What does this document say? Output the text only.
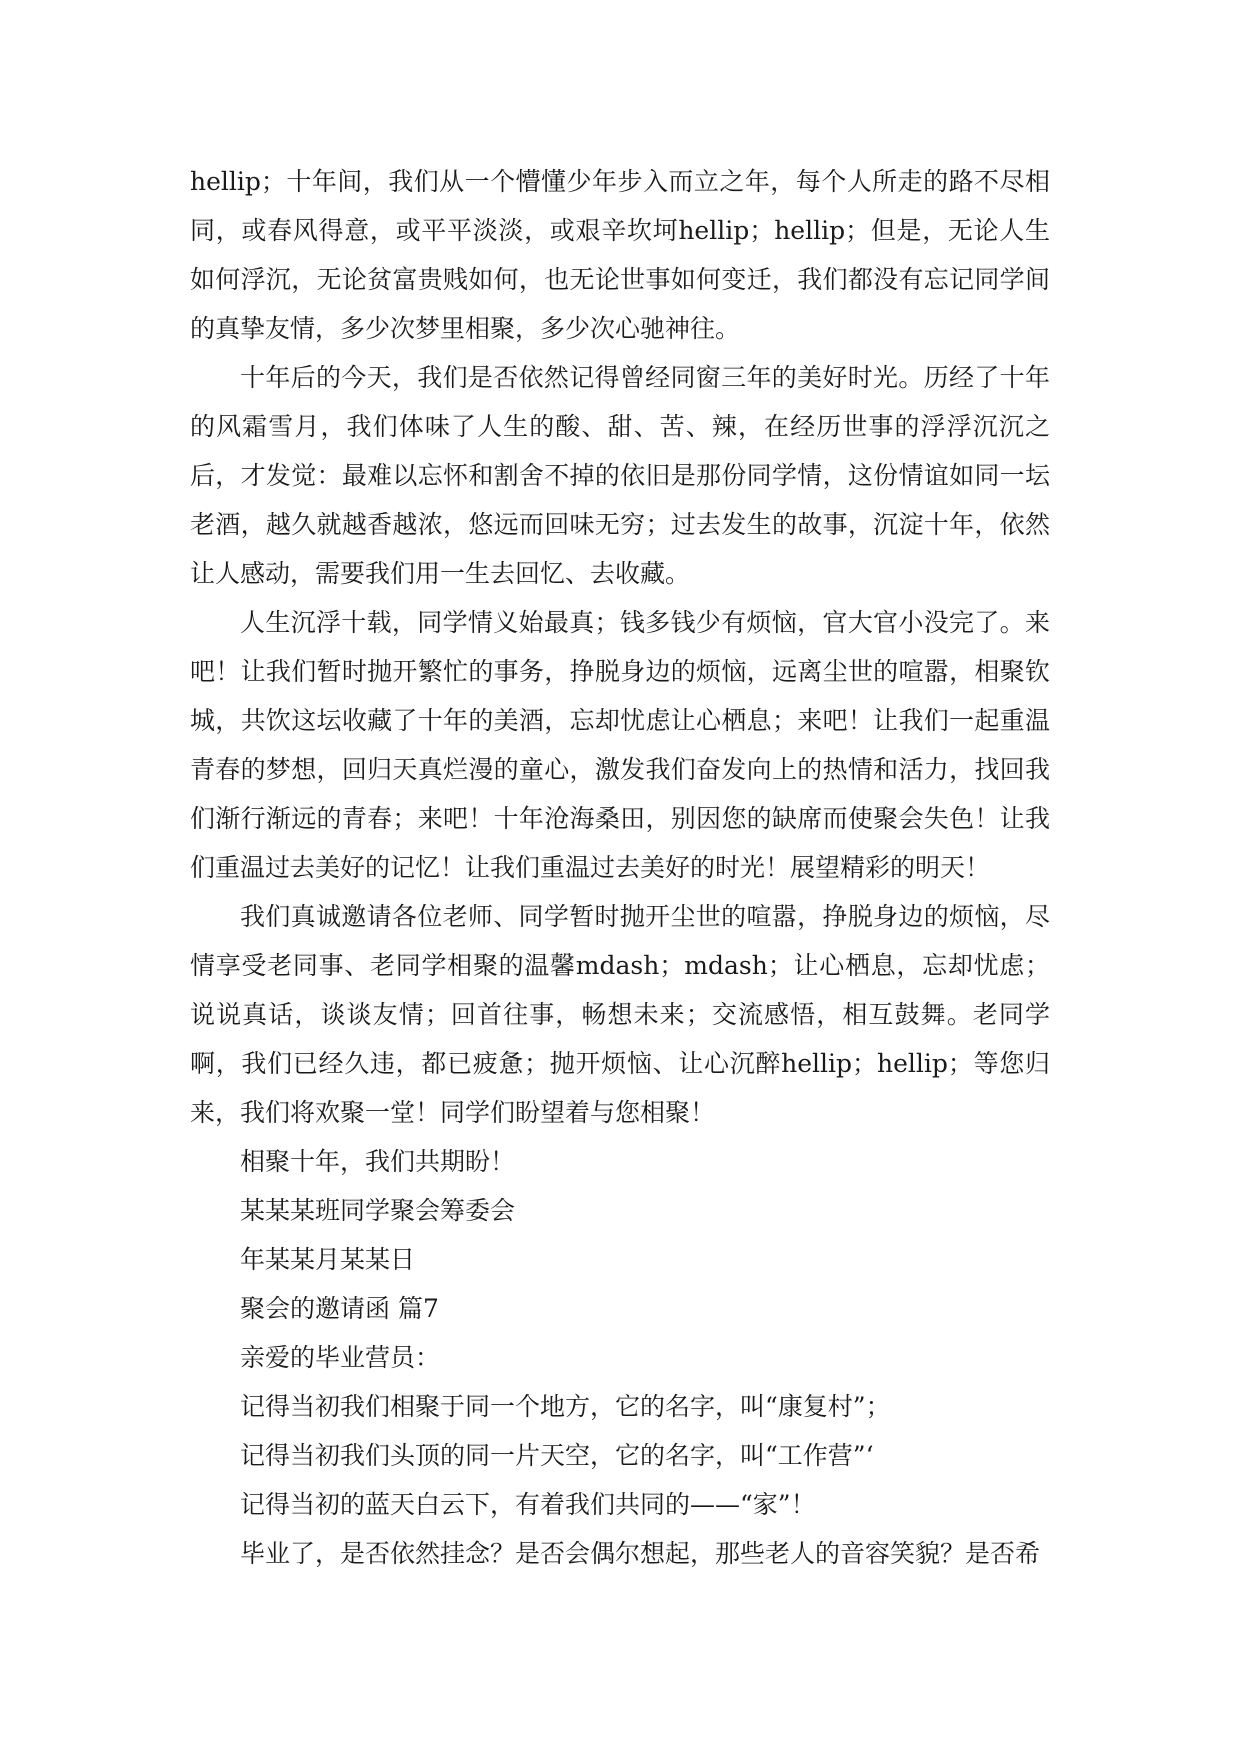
hellip；十年间，我们从一个懵懂少年步入而立之年，每个人所走的路不尽相同，或春风得意，或平平淡淡，或艰辛坎坷hellip；hellip；但是，无论人生如何浮沉，无论贫富贵贱如何，也无论世事如何变迁，我们都没有忘记同学间的真挚友情，多少次梦里相聚，多少次心驰神往。

十年后的今天，我们是否依然记得曾经同窗三年的美好时光。历经了十年的风霜雪月，我们体味了人生的酸、甜、苦、辣，在经历世事的浮浮沉沉之后，才发觉：最难以忘怀和割舍不掉的依旧是那份同学情，这份情谊如同一坛老酒，越久就越香越浓，悠远而回味无穷；过去发生的故事，沉淀十年，依然让人感动，需要我们用一生去回忆、去收藏。

人生沉浮十载，同学情义始最真；钱多钱少有烦恼，官大官小没完了。来吧！让我们暂时抛开繁忙的事务，挣脱身边的烦恼，远离尘世的喧嚣，相聚钦城，共饮这坛收藏了十年的美酒，忘却忧虑让心栖息；来吧！让我们一起重温青春的梦想，回归天真烂漫的童心，激发我们奋发向上的热情和活力，找回我们渐行渐远的青春；来吧！十年沧海桑田，别因您的缺席而使聚会失色！让我们重温过去美好的记忆！让我们重温过去美好的时光！展望精彩的明天！

我们真诚邀请各位老师、同学暂时抛开尘世的喧嚣，挣脱身边的烦恼，尽情享受老同事、老同学相聚的温馨mdash；mdash；让心栖息，忘却忧虑；说说真话，谈谈友情；回首往事，畅想未来；交流感悟，相互鼓舞。老同学啊，我们已经久违，都已疲惫；抛开烦恼、让心沉醉hellip；hellip；等您归来，我们将欢聚一堂！同学们盼望着与您相聚！

相聚十年，我们共期盼！

某某某班同学聚会筹委会

年某某月某某日

聚会的邀请函 篇7

亲爱的毕业营员：

记得当初我们相聚于同一个地方，它的名字，叫“康复村”；

记得当初我们头顶的同一片天空，它的名字，叫“工作营”‘

记得当初的蓝天白云下，有着我们共同的——“家”！

毕业了，是否依然挂念？是否会偶尔想起，那些老人的音容笑貌？是否希
